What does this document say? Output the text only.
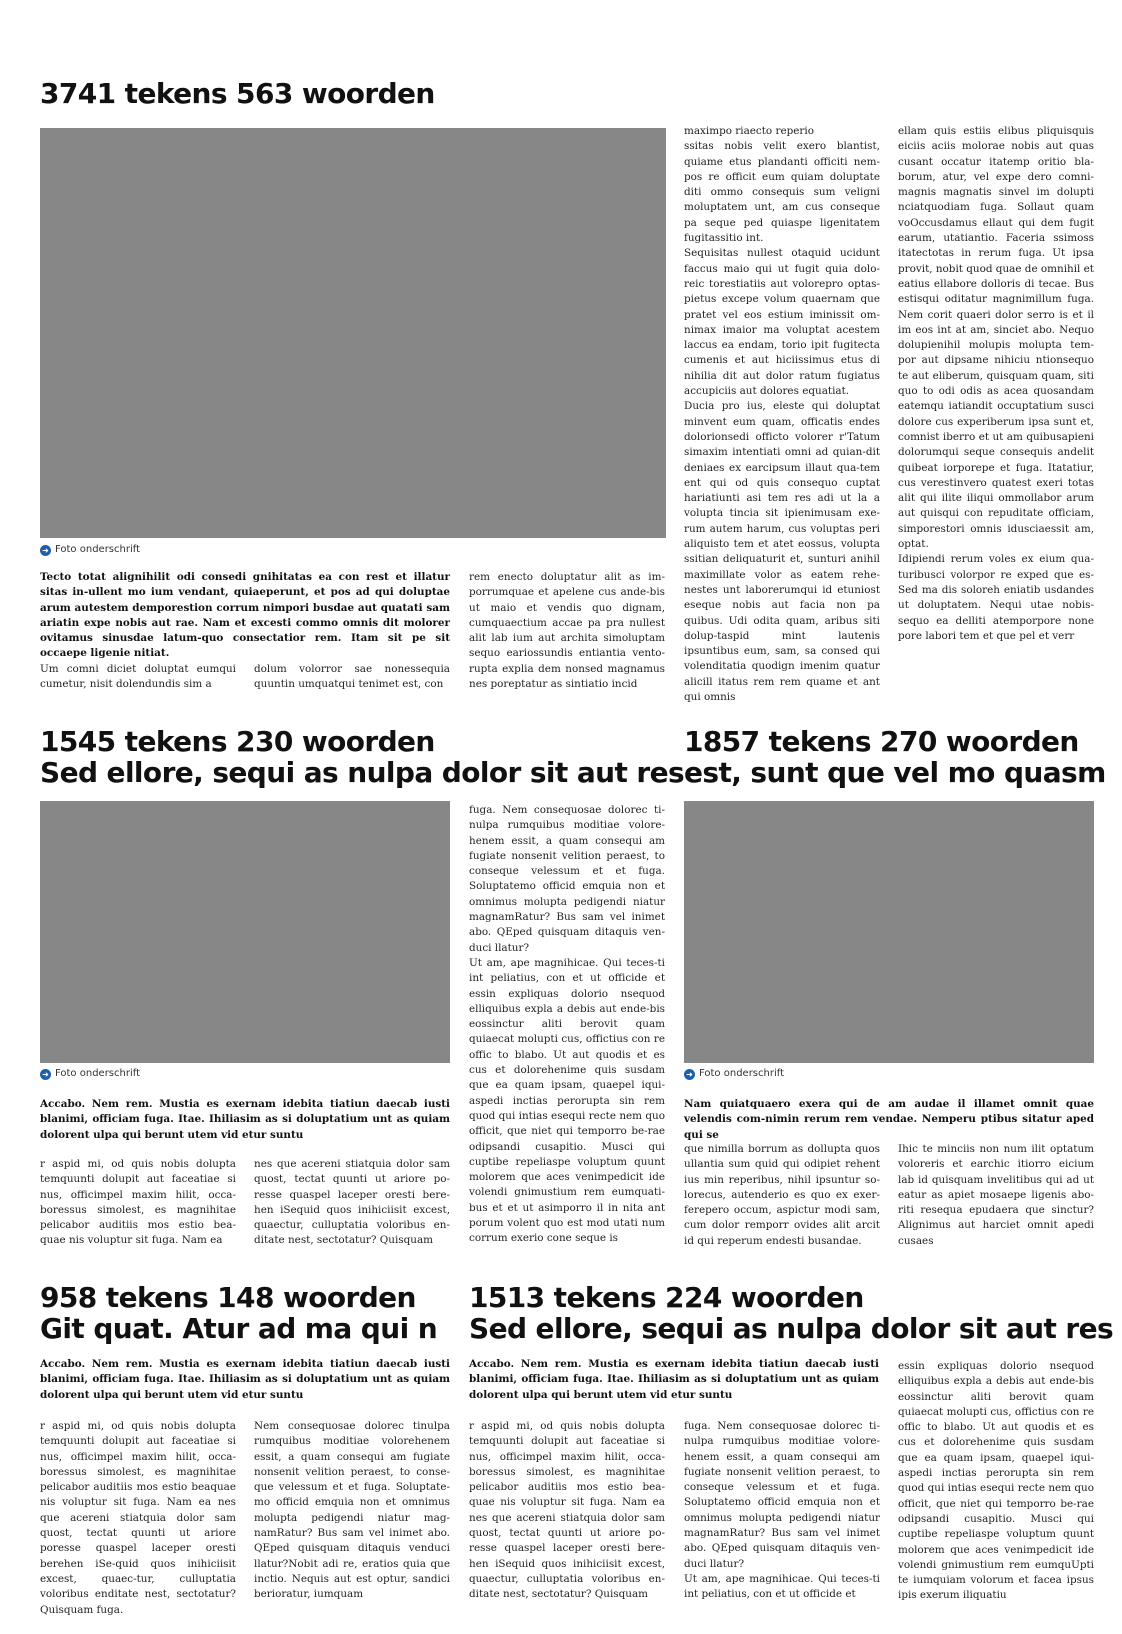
3741 tekens 563 woorden
➜ Foto onderschrift
Tecto totat alignihilit odi consedi gnihitatas ea con rest et illatur sitas in-ullent mo ium vendant, quiaeperunt, et pos ad qui doluptae arum autestem demporestion corrum nimpori busdae aut quatati sam ariatin expe nobis aut rae. Nam et excesti commo omnis dit molorer ovitamus sinusdae latum-quo consectatior rem. Itam sit pe sit occaepe ligenie nitiat.
Um comni diciet doluptat eumqui cumetur, nisit dolendundis sim a
dolum volorror sae nonessequia quuntin umquatqui tenimet est, con
rem enecto doluptatur alit as im-porrumquae et apelene cus ande-bis ut maio et vendis quo dignam, cumquaectium accae pa pra nullest alit lab ium aut archita simoluptam sequo eariossundis entiantia vento-rupta explia dem nonsed magnamus nes poreptatur as sintiatio incid

maximpo riaecto reperio

ssitas nobis velit exero blantist, quiame etus plandanti officiti nem-pos re officit eum quiam doluptate diti ommo consequis sum veligni moluptatem unt, am cus conseque pa seque ped quiaspe ligenitatem fugitassitio int.

Sequisitas nullest otaquid ucidunt faccus maio qui ut fugit quia dolo-reic torestiatiis aut volorepro optas-pietus excepe volum quaernam que pratet vel eos estium iminissit om-nimax imaior ma voluptat acestem laccus ea endam, torio ipit fugitecta cumenis et aut hiciissimus etus di nihilia dit aut dolor ratum fugiatus accupiciis aut dolores equatiat.

Ducia pro ius, eleste qui doluptat minvent eum quam, officatis endes dolorionsedi officto volorer r'Tatum simaxim intentiati omni ad quian-dit deniaes ex earcipsum illaut qua-tem ent qui od quis consequo cuptat hariatiunti asi tem res adi ut la a volupta tincia sit ipienimusam exe-rum autem harum, cus voluptas peri aliquisto tem et atet eossus, volupta ssitian deliquaturit et, sunturi anihil maximillate volor as eatem rehe-nestes unt laborerumqui id etuniost eseque nobis aut facia non pa quibus. Udi odita quam, aribus siti dolup-taspid mint lautenis ipsuntibus eum, sam, sa consed qui volenditatia quodign imenim quatur alicill itatus rem rem quame et ant qui omnis

ellam quis estiis elibus pliquisquis eiciis aciis molorae nobis aut quas cusant occatur itatemp oritio bla-borum, atur, vel expe dero comni-magnis magnatis sinvel im dolupti nciatquodiam fuga. Sollaut quam voOccusdamus ellaut qui dem fugit earum, utatiantio. Faceria ssimoss itatectotas in rerum fuga. Ut ipsa provit, nobit quod quae de omnihil et eatius ellabore dolloris di tecae. Bus estisqui oditatur magnimillum fuga. Nem corit quaeri dolor serro is et il im eos int at am, sinciet abo. Nequo dolupienihil molupis molupta tem-por aut dipsame nihiciu ntionsequo te aut eliberum, quisquam quam, siti quo to odi odis as acea quosandam eatemqu iatiandit occuptatium susci dolore cus experiberum ipsa sunt et, comnist iberro et ut am quibusapieni dolorumqui seque consequis andelit quibeat iorporepe et fuga. Itatatiur, cus verestinvero quatest exeri totas alit qui ilite iliqui ommollabor arum aut quisqui con repuditate officiam, simporestori omnis idusciaessit am, optat.

Idipiendi rerum voles ex eium qua-turibusci volorpor re exped que es-Sed ma dis soloreh eniatib usdandes ut doluptatem. Nequi utae nobis-sequo ea delliti atemporpore none pore labori tem et que pel et verr

1545 tekens 230 woorden
Sed ellore, sequi as nulpa dolor sit aut res
➜ Foto onderschrift
Accabo. Nem rem. Mustia es exernam idebita tiatiun daecab iusti blanimi, officiam fuga. Itae. Ihiliasim as si doluptatium unt as quiam dolorent ulpa qui berunt utem vid etur suntu
r aspid mi, od quis nobis dolupta temquunti dolupit aut faceatiae si nus, officimpel maxim hilit, occa-boressus simolest, es magnihitae pelicabor auditiis mos estio bea-quae nis voluptur sit fuga. Nam ea
nes que acereni stiatquia dolor sam quost, tectat quunti ut ariore po-resse quaspel laceper oresti bere-hen iSequid quos inihiciisit excest, quaectur, culluptatia voloribus en-ditate nest, sectotatur? Quisquam

fuga. Nem consequosae dolorec ti-nulpa rumquibus moditiae volore-henem essit, a quam consequi am fugiate nonsenit velition peraest, to conseque velessum et et fuga. Soluptatemo officid emquia non et omnimus molupta pedigendi niatur magnamRatur? Bus sam vel inimet abo. QEped quisquam ditaquis ven-duci llatur?

Ut am, ape magnihicae. Qui teces-ti int peliatius, con et ut officide et essin expliquas dolorio nsequod elliquibus expla a debis aut ende-bis eossinctur aliti berovit quam quiaecat molupti cus, offictius con re offic to blabo. Ut aut quodis et es cus et dolorehenime quis susdam que ea quam ipsam, quaepel iqui-aspedi inctias perorupta sin rem quod qui intias esequi recte nem quo officit, que niet qui temporro be-rae odipsandi cusapitio. Musci qui cuptibe repeliaspe voluptum quunt molorem que aces venimpedicit ide volendi gnimustium rem eumquati-bus et et ut asimporro il in nita ant porum volent quo est mod utati num corrum exerio cone seque is

1857 tekens 270 woorden
est, sunt que vel mo quasm
➜ Foto onderschrift
Nam quiatquaero exera qui de am audae il illamet omnit quae velendis com-nimin rerum rem vendae. Nemperu ptibus sitatur aped qui se
que nimilla borrum as dollupta quos ullantia sum quid qui odipiet rehent ius min reperibus, nihil ipsuntur so-lorecus, autenderio es quo ex exer-ferepero occum, aspictur modi sam, cum dolor remporr ovides alit arcit id qui reperum endesti busandae.
Ihic te minciis non num ilit optatum voloreris et earchic itiorro eicium lab id quisquam invelitibus qui ad ut eatur as apiet mosaepe ligenis abo-riti resequa epudaera que sinctur? Alignimus aut harciet omnit apedi cusaes
958 tekens 148 woorden
Git quat. Atur ad ma qui n
Accabo. Nem rem. Mustia es exernam idebita tiatiun daecab iusti blanimi, officiam fuga. Itae. Ihiliasim as si doluptatium unt as quiam dolorent ulpa qui berunt utem vid etur suntu
r aspid mi, od quis nobis dolupta temquunti dolupit aut faceatiae si nus, officimpel maxim hilit, occa-boressus simolest, es magnihitae pelicabor auditiis mos estio beaquae nis voluptur sit fuga. Nam ea nes que acereni stiatquia dolor sam quost, tectat quunti ut ariore poresse quaspel laceper oresti berehen iSe-quid quos inihiciisit excest, quaec-tur, culluptatia voloribus enditate nest, sectotatur? Quisquam fuga.
Nem consequosae dolorec tinulpa rumquibus moditiae volorehenem essit, a quam consequi am fugiate nonsenit velition peraest, to conse-que velessum et et fuga. Soluptate-mo officid emquia non et omnimus molupta pedigendi niatur mag-namRatur? Bus sam vel inimet abo. QEped quisquam ditaquis venduci llatur?Nobit adi re, eratios quia que inctio. Nequis aut est optur, sandici berioratur, iumquam
1513 tekens 224 woorden
Sed ellore, sequi as nulpa dolor sit aut res
Accabo. Nem rem. Mustia es exernam idebita tiatiun daecab iusti blanimi, officiam fuga. Itae. Ihiliasim as si doluptatium unt as quiam dolorent ulpa qui berunt utem vid etur suntu
r aspid mi, od quis nobis dolupta temquunti dolupit aut faceatiae si nus, officimpel maxim hilit, occa-boressus simolest, es magnihitae pelicabor auditiis mos estio bea-quae nis voluptur sit fuga. Nam ea nes que acereni stiatquia dolor sam quost, tectat quunti ut ariore po-resse quaspel laceper oresti bere-hen iSequid quos inihiciisit excest, quaectur, culluptatia voloribus en-ditate nest, sectotatur? Quisquam

fuga. Nem consequosae dolorec ti-nulpa rumquibus moditiae volore-henem essit, a quam consequi am fugiate nonsenit velition peraest, to conseque velessum et et fuga. Soluptatemo officid emquia non et omnimus molupta pedigendi niatur magnamRatur? Bus sam vel inimet abo. QEped quisquam ditaquis ven-duci llatur?

Ut am, ape magnihicae. Qui teces-ti int peliatius, con et ut officide et

essin expliquas dolorio nsequod elliquibus expla a debis aut ende-bis eossinctur aliti berovit quam quiaecat molupti cus, offictius con re offic to blabo. Ut aut quodis et es cus et dolorehenime quis susdam que ea quam ipsam, quaepel iqui-aspedi inctias perorupta sin rem quod qui intias esequi recte nem quo officit, que niet qui temporro be-rae odipsandi cusapitio. Musci qui cuptibe repeliaspe voluptum quunt molorem que aces venimpedicit ide volendi gnimustium rem eumquUpti te iumquiam volorum et facea ipsus ipis exerum iliquatiu
